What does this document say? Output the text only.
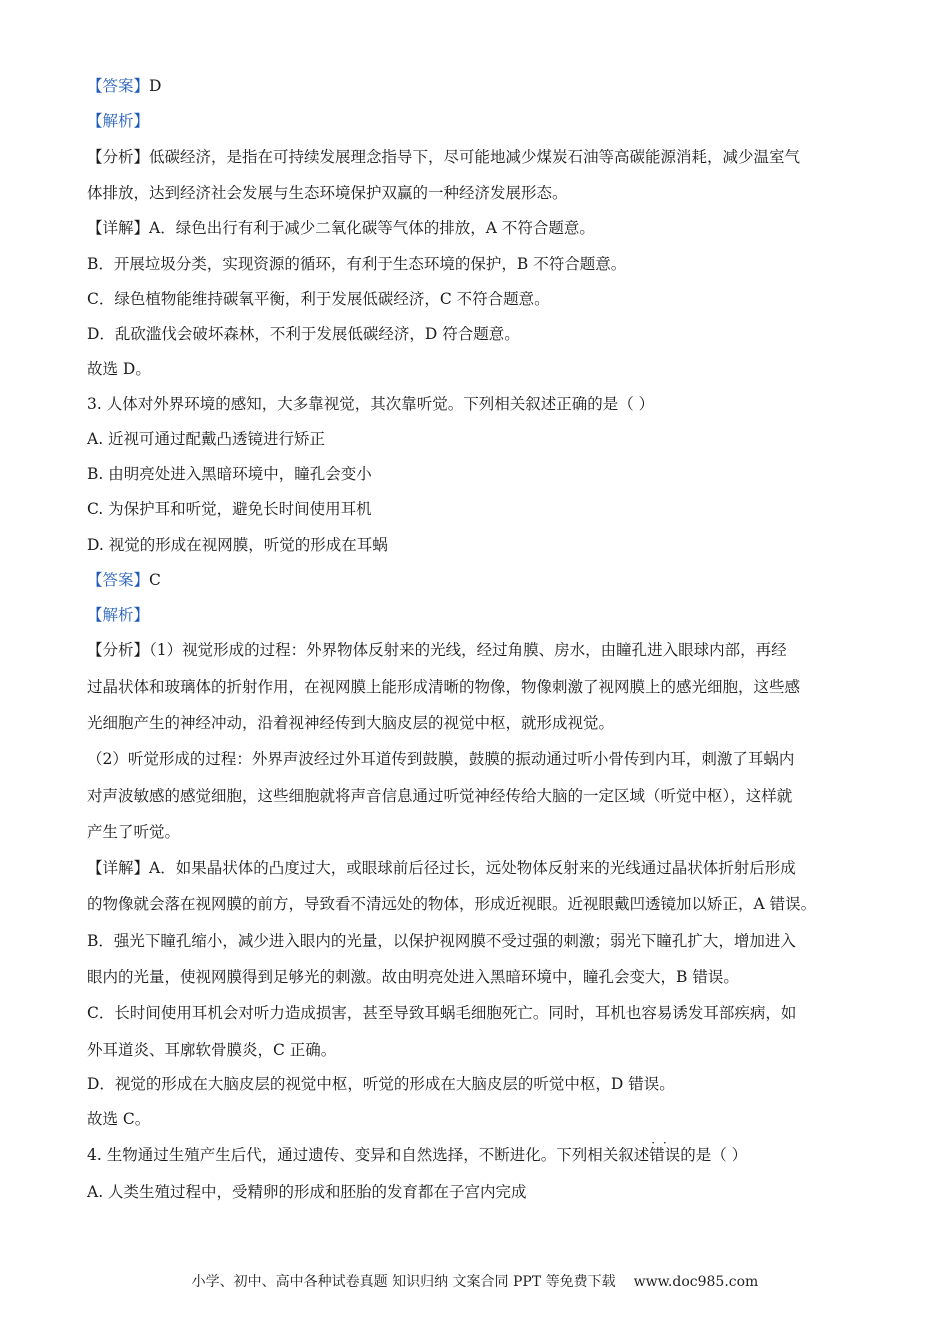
【答案】D
【解析】
【分析】低碳经济，是指在可持续发展理念指导下，尽可能地减少煤炭石油等高碳能源消耗，减少温室气
体排放，达到经济社会发展与生态环境保护双赢的一种经济发展形态。
【详解】A．绿色出行有利于减少二氧化碳等气体的排放，A 不符合题意。
B．开展垃圾分类，实现资源的循环，有利于生态环境的保护，B 不符合题意。
C．绿色植物能维持碳氧平衡，利于发展低碳经济，C 不符合题意。
D．乱砍滥伐会破坏森林，不利于发展低碳经济，D 符合题意。
故选 D。
3. 人体对外界环境的感知，大多靠视觉，其次靠听觉。下列相关叙述正确的是（ ）
A. 近视可通过配戴凸透镜进行矫正
B. 由明亮处进入黑暗环境中，瞳孔会变小
C. 为保护耳和听觉，避免长时间使用耳机
D. 视觉的形成在视网膜，听觉的形成在耳蜗
【答案】C
【解析】
【分析】（1）视觉形成的过程：外界物体反射来的光线，经过角膜、房水，由瞳孔进入眼球内部，再经
过晶状体和玻璃体的折射作用，在视网膜上能形成清晰的物像，物像刺激了视网膜上的感光细胞，这些感
光细胞产生的神经冲动，沿着视神经传到大脑皮层的视觉中枢，就形成视觉。
（2）听觉形成的过程：外界声波经过外耳道传到鼓膜，鼓膜的振动通过听小骨传到内耳，刺激了耳蜗内
对声波敏感的感觉细胞，这些细胞就将声音信息通过听觉神经传给大脑的一定区域（听觉中枢），这样就
产生了听觉。
【详解】A．如果晶状体的凸度过大，或眼球前后径过长，远处物体反射来的光线通过晶状体折射后形成
的物像就会落在视网膜的前方，导致看不清远处的物体，形成近视眼。近视眼戴凹透镜加以矫正，A 错误。
B．强光下瞳孔缩小，减少进入眼内的光量，以保护视网膜不受过强的刺激；弱光下瞳孔扩大，增加进入
眼内的光量，使视网膜得到足够光的刺激。故由明亮处进入黑暗环境中，瞳孔会变大，B 错误。
C．长时间使用耳机会对听力造成损害，甚至导致耳蜗毛细胞死亡。同时，耳机也容易诱发耳部疾病，如
外耳道炎、耳廓软骨膜炎，C 正确。
D．视觉的形成在大脑皮层的视觉中枢，听觉的形成在大脑皮层的听觉中枢，D 错误。
故选 C。
4. 生物通过生殖产生后代，通过遗传、变异和自然选择，不断进化。下列相关叙述· · 错误的是（ ）
A. 人类生殖过程中，受精卵的形成和胚胎的发育都在子宫内完成
小学、初中、高中各种试卷真题 知识归纳 文案合同 PPT 等免费下载 www.doc985.com
